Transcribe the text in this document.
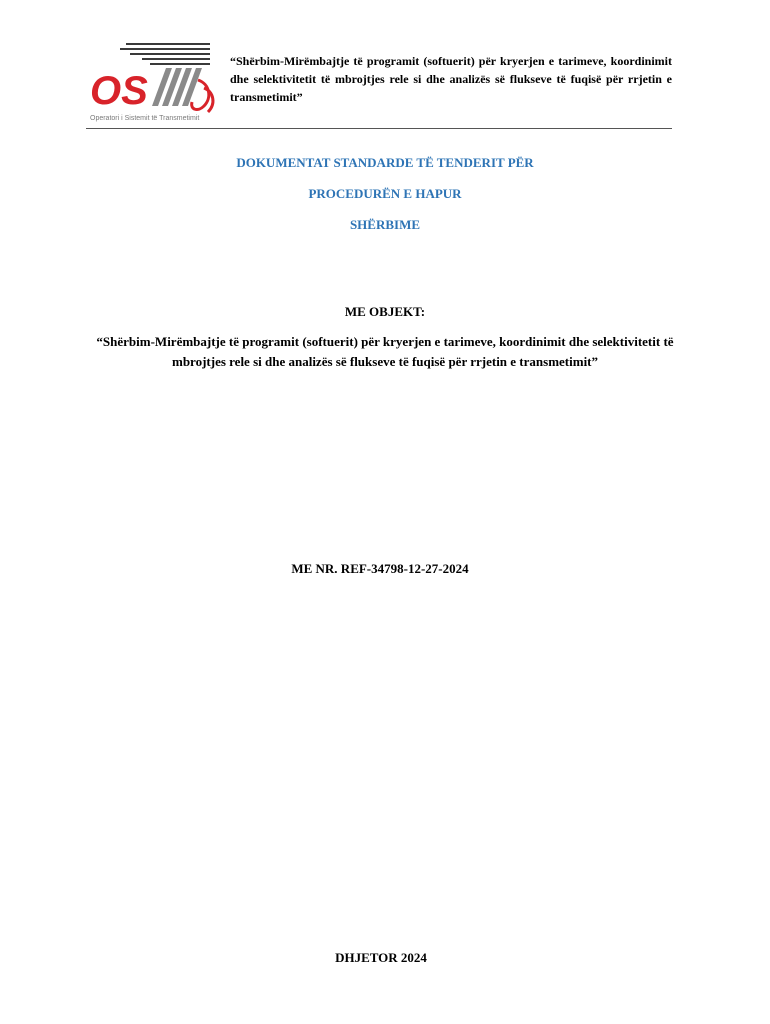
OS
Operatori i Sistemit të Transmetimit
“Shërbim-Mirëmbajtje të programit (softuerit) për kryerjen e tarimeve, koordinimit dhe selektivitetit të mbrojtjes rele si dhe analizës së flukseve të fuqisë për rrjetin e transmetimit”
DOKUMENTAT STANDARDE TË TENDERIT PËR
PROCEDURËN E HAPUR
SHËRBIME
ME OBJEKT:
“Shërbim-Mirëmbajtje të programit (softuerit) për kryerjen e tarimeve, koordinimit dhe selektivitetit të mbrojtjes rele si dhe analizës së flukseve të fuqisë për rrjetin e transmetimit”
ME NR. REF-34798-12-27-2024
DHJETOR 2024
